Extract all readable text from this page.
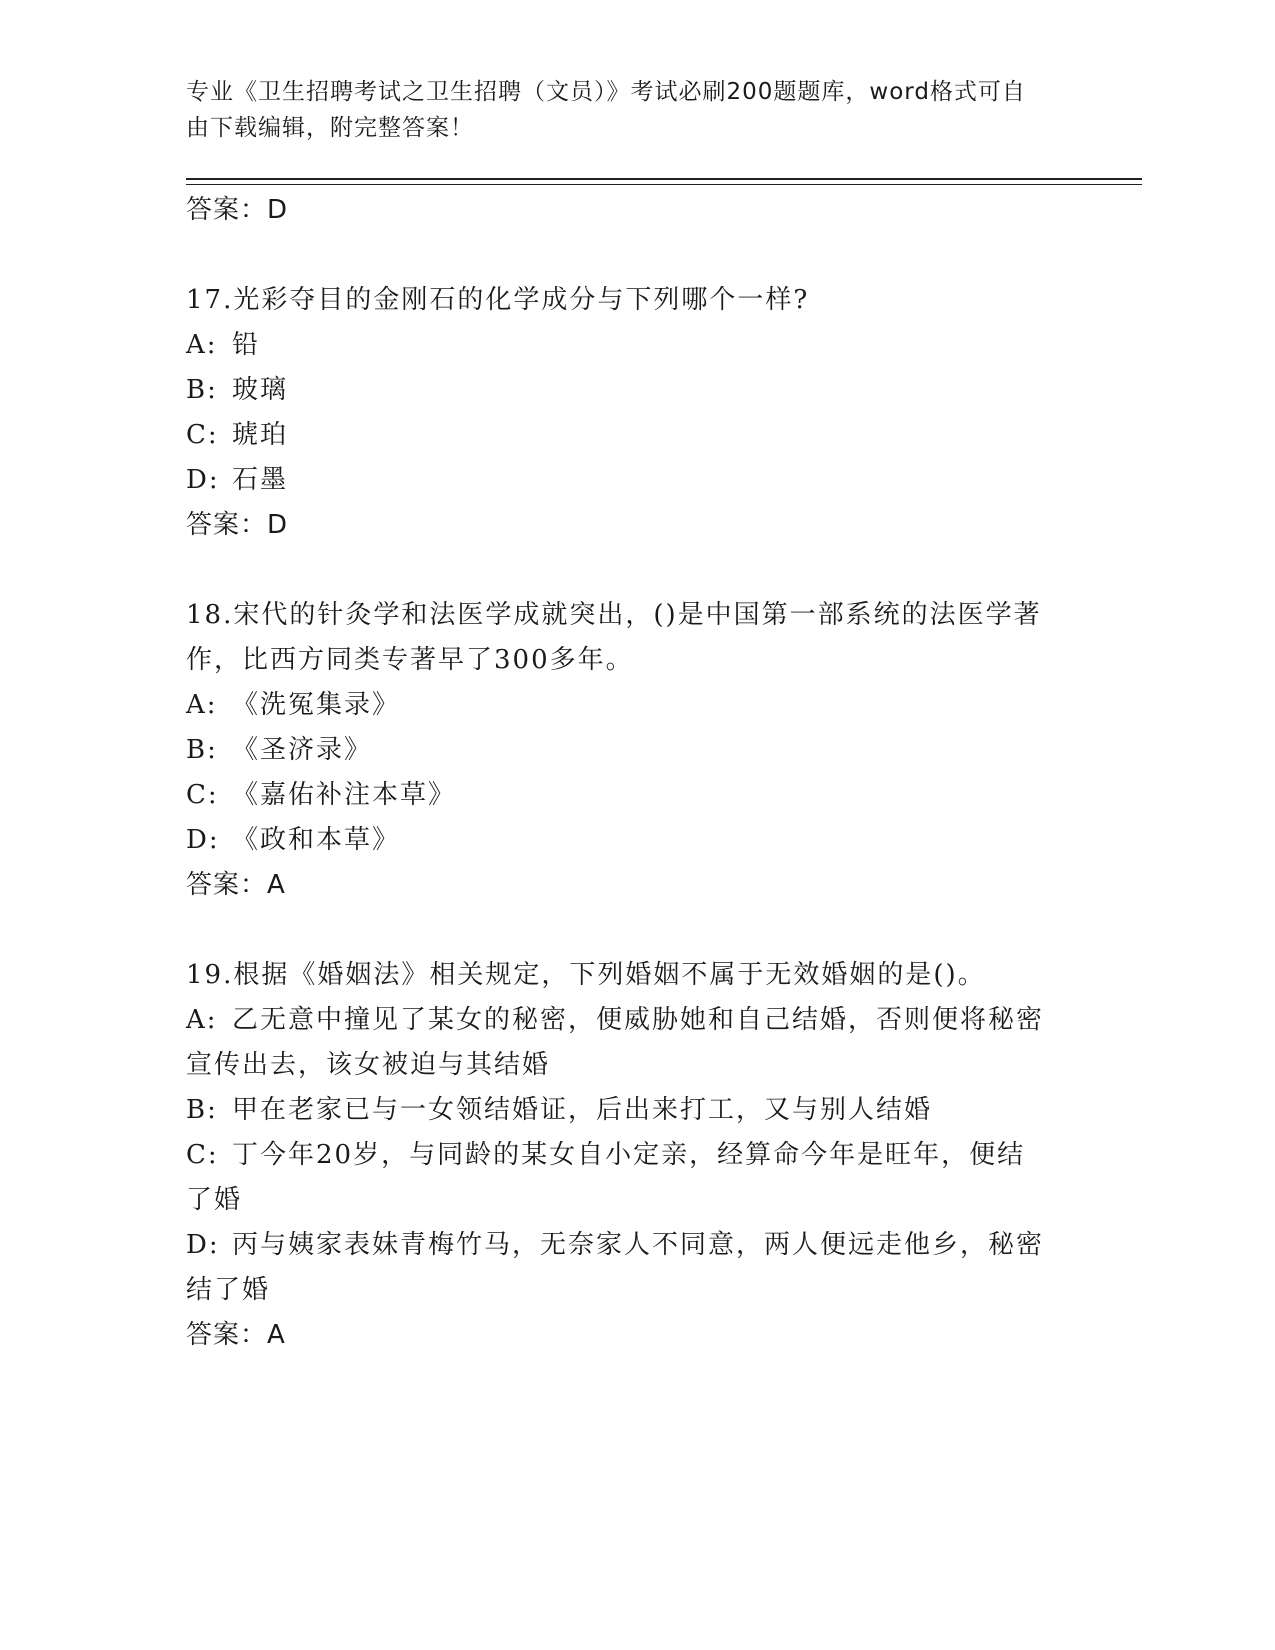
专业《卫生招聘考试之卫生招聘（文员）》考试必刷200题题库，word格式可自
由下载编辑，附完整答案！
答案：D
17.光彩夺目的金刚石的化学成分与下列哪个一样?
A: 铅
B: 玻璃
C: 琥珀
D: 石墨
答案：D
18.宋代的针灸学和法医学成就突出，()是中国第一部系统的法医学著
作，比西方同类专著早了300多年。
A: 《洗冤集录》
B: 《圣济录》
C: 《嘉佑补注本草》
D: 《政和本草》
答案：A
19.根据《婚姻法》相关规定，下列婚姻不属于无效婚姻的是()。
A: 乙无意中撞见了某女的秘密，便威胁她和自己结婚，否则便将秘密
宣传出去，该女被迫与其结婚
B: 甲在老家已与一女领结婚证，后出来打工，又与别人结婚
C: 丁今年20岁，与同龄的某女自小定亲，经算命今年是旺年，便结
了婚
D: 丙与姨家表妹青梅竹马，无奈家人不同意，两人便远走他乡，秘密
结了婚
答案：A
